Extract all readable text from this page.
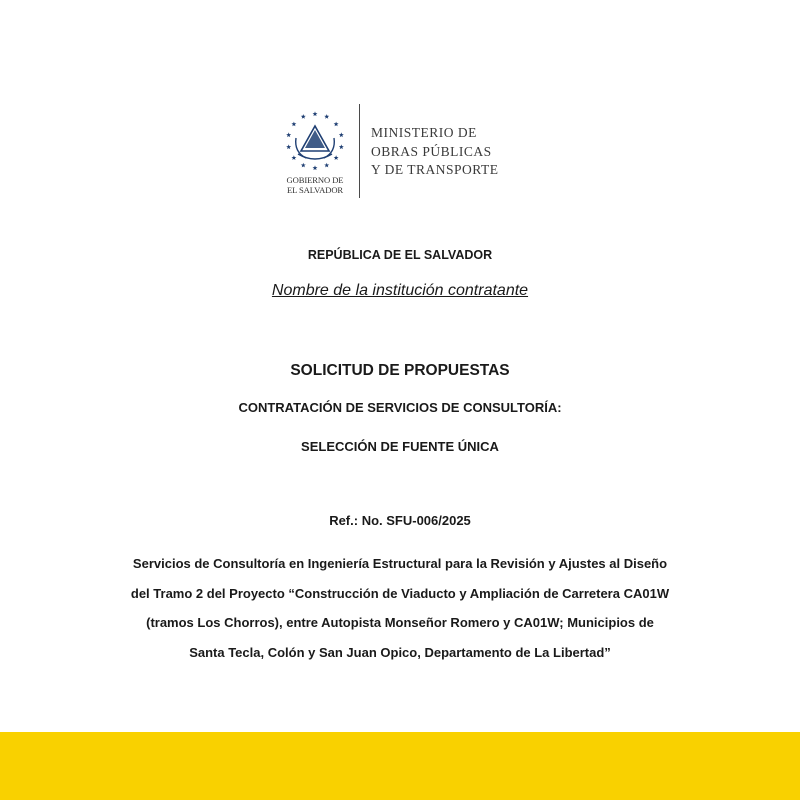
GOBIERNO DE
EL SALVADOR
MINISTERIO DE
OBRAS PÚBLICAS
Y DE TRANSPORTE
REPÚBLICA DE EL SALVADOR
Nombre de la institución contratante
SOLICITUD DE PROPUESTAS
CONTRATACIÓN DE SERVICIOS DE CONSULTORÍA:
SELECCIÓN DE FUENTE ÚNICA
Ref.: No. SFU-006/2025
Servicios de Consultoría en Ingeniería Estructural para la Revisión y Ajustes al Diseño
del Tramo 2 del Proyecto “Construcción de Viaducto y Ampliación de Carretera CA01W
(tramos Los Chorros), entre Autopista Monseñor Romero y CA01W; Municipios de
Santa Tecla, Colón y San Juan Opico, Departamento de La Libertad”
